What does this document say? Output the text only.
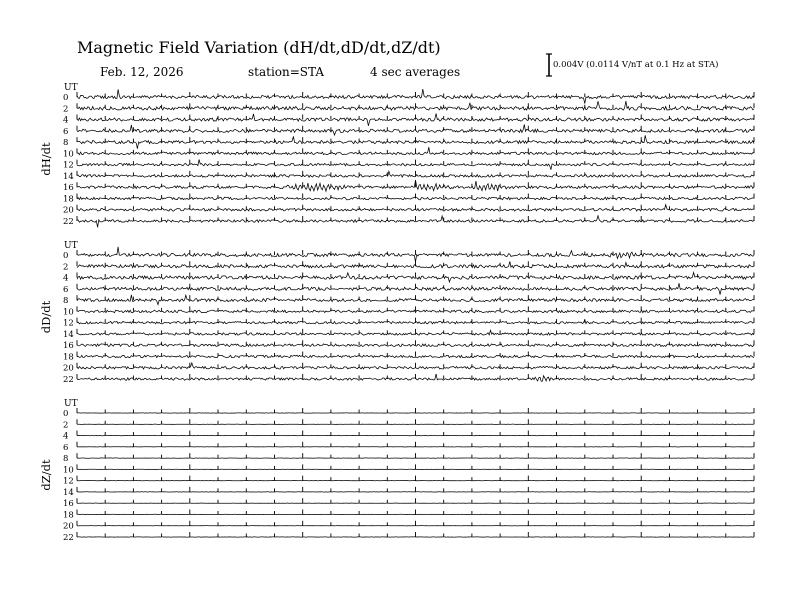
Magnetic Field Variation (dH/dt,dD/dt,dZ/dt)
Feb. 12, 2026	station=STA	4 sec averages	0.004V (0.0114 V/nT at 0.1 Hz at STA)
UT
dH/dt
0
2
4
6
8
10
12
14
16
18
20
22
UT
dD/dt
0
2
4
6
8
10
12
14
16
18
20
22
UT
dZ/dt
0
2
4
6
8
10
12
14
16
18
20
22
